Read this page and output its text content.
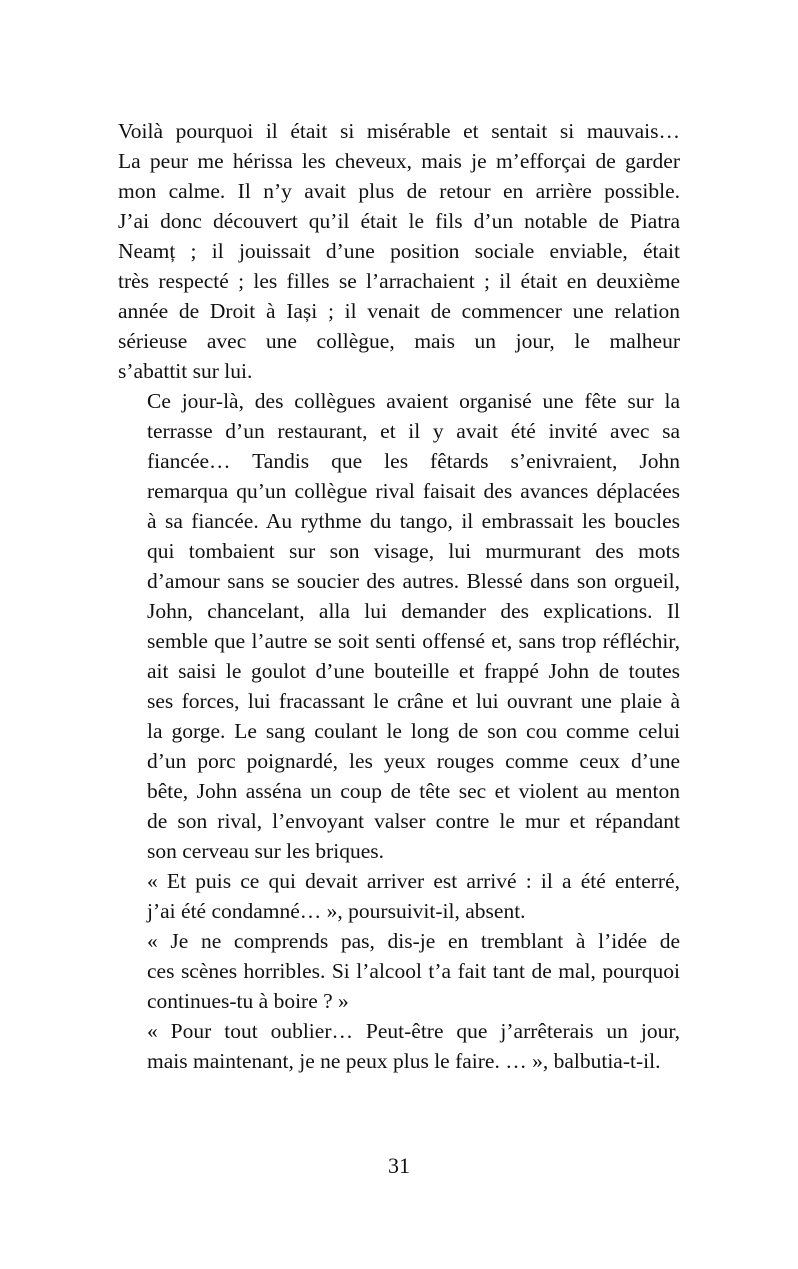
Voilà pourquoi il était si misérable et sentait si mauvais…
La peur me hérissa les cheveux, mais je m’efforçai de garder
mon calme. Il n’y avait plus de retour en arrière possible.
J’ai donc découvert qu’il était le fils d’un notable de Piatra
Neamț ; il jouissait d’une position sociale enviable, était
très respecté ; les filles se l’arrachaient ; il était en deuxième
année de Droit à Iași ; il venait de commencer une relation
sérieuse avec une collègue, mais un jour, le malheur
s’abattit sur lui.

Ce jour-là, des collègues avaient organisé une fête sur la
terrasse d’un restaurant, et il y avait été invité avec sa
fiancée… Tandis que les fêtards s’enivraient, John
remarqua qu’un collègue rival faisait des avances déplacées
à sa fiancée. Au rythme du tango, il embrassait les boucles
qui tombaient sur son visage, lui murmurant des mots
d’amour sans se soucier des autres. Blessé dans son orgueil,
John, chancelant, alla lui demander des explications. Il
semble que l’autre se soit senti offensé et, sans trop réfléchir,
ait saisi le goulot d’une bouteille et frappé John de toutes
ses forces, lui fracassant le crâne et lui ouvrant une plaie à
la gorge. Le sang coulant le long de son cou comme celui
d’un porc poignardé, les yeux rouges comme ceux d’une
bête, John asséna un coup de tête sec et violent au menton
de son rival, l’envoyant valser contre le mur et répandant
son cerveau sur les briques.

« Et puis ce qui devait arriver est arrivé : il a été enterré,
j’ai été condamné… », poursuivit-il, absent.

« Je ne comprends pas, dis-je en tremblant à l’idée de
ces scènes horribles. Si l’alcool t’a fait tant de mal, pourquoi
continues-tu à boire ? »

« Pour tout oublier… Peut-être que j’arrêterais un jour,
mais maintenant, je ne peux plus le faire. … », balbutia-t-il.

31
